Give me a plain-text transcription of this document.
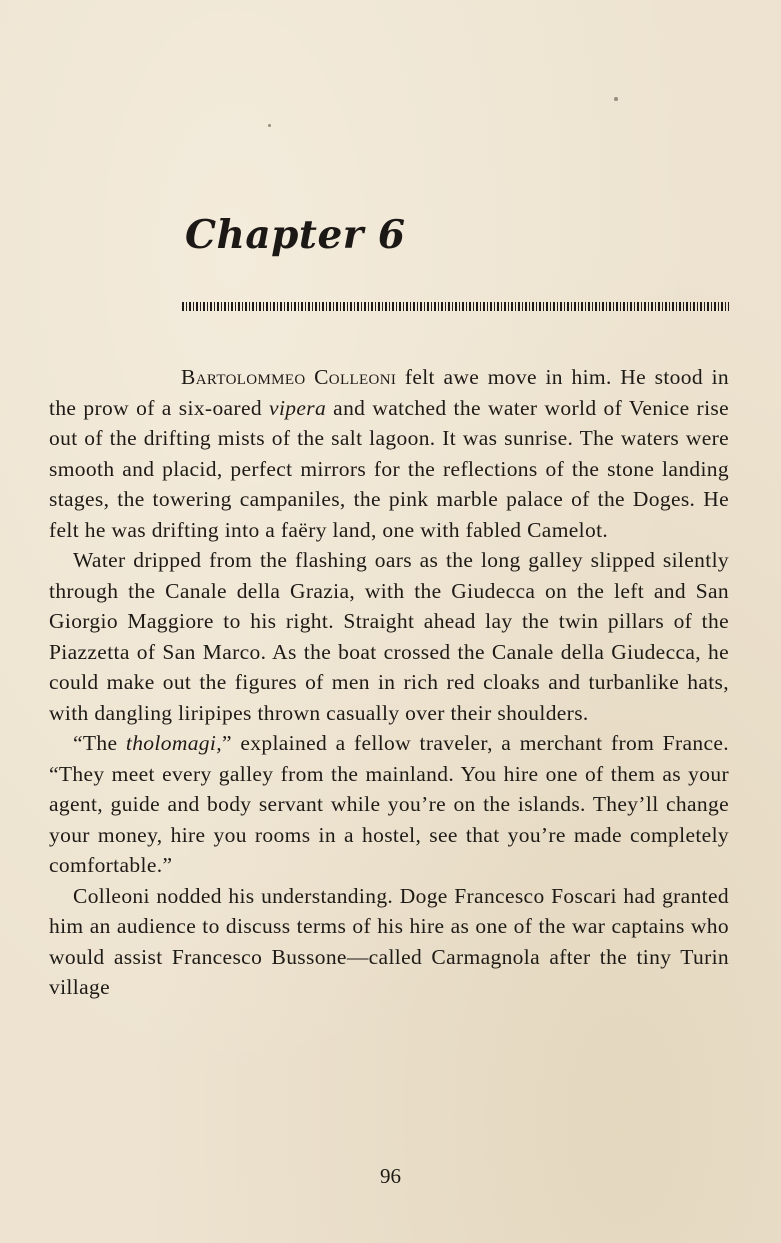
Chapter 6

Bartolommeo Colleoni felt awe move in him. He stood in the prow of a six-oared vipera and watched the water world of Venice rise out of the drifting mists of the salt lagoon. It was sunrise. The waters were smooth and placid, perfect mirrors for the reflections of the stone landing stages, the towering campaniles, the pink marble palace of the Doges. He felt he was drifting into a faëry land, one with fabled Camelot.

Water dripped from the flashing oars as the long galley slipped silently through the Canale della Grazia, with the Giudecca on the left and San Giorgio Maggiore to his right. Straight ahead lay the twin pillars of the Piazzetta of San Marco. As the boat crossed the Canale della Giudecca, he could make out the figures of men in rich red cloaks and turbanlike hats, with dangling liripipes thrown casually over their shoulders.

“The tholomagi,” explained a fellow traveler, a merchant from France. “They meet every galley from the mainland. You hire one of them as your agent, guide and body servant while you’re on the islands. They’ll change your money, hire you rooms in a hostel, see that you’re made completely comfortable.”

Colleoni nodded his understanding. Doge Francesco Foscari had granted him an audience to discuss terms of his hire as one of the war captains who would assist Francesco Bussone—called Carmagnola after the tiny Turin village

96
